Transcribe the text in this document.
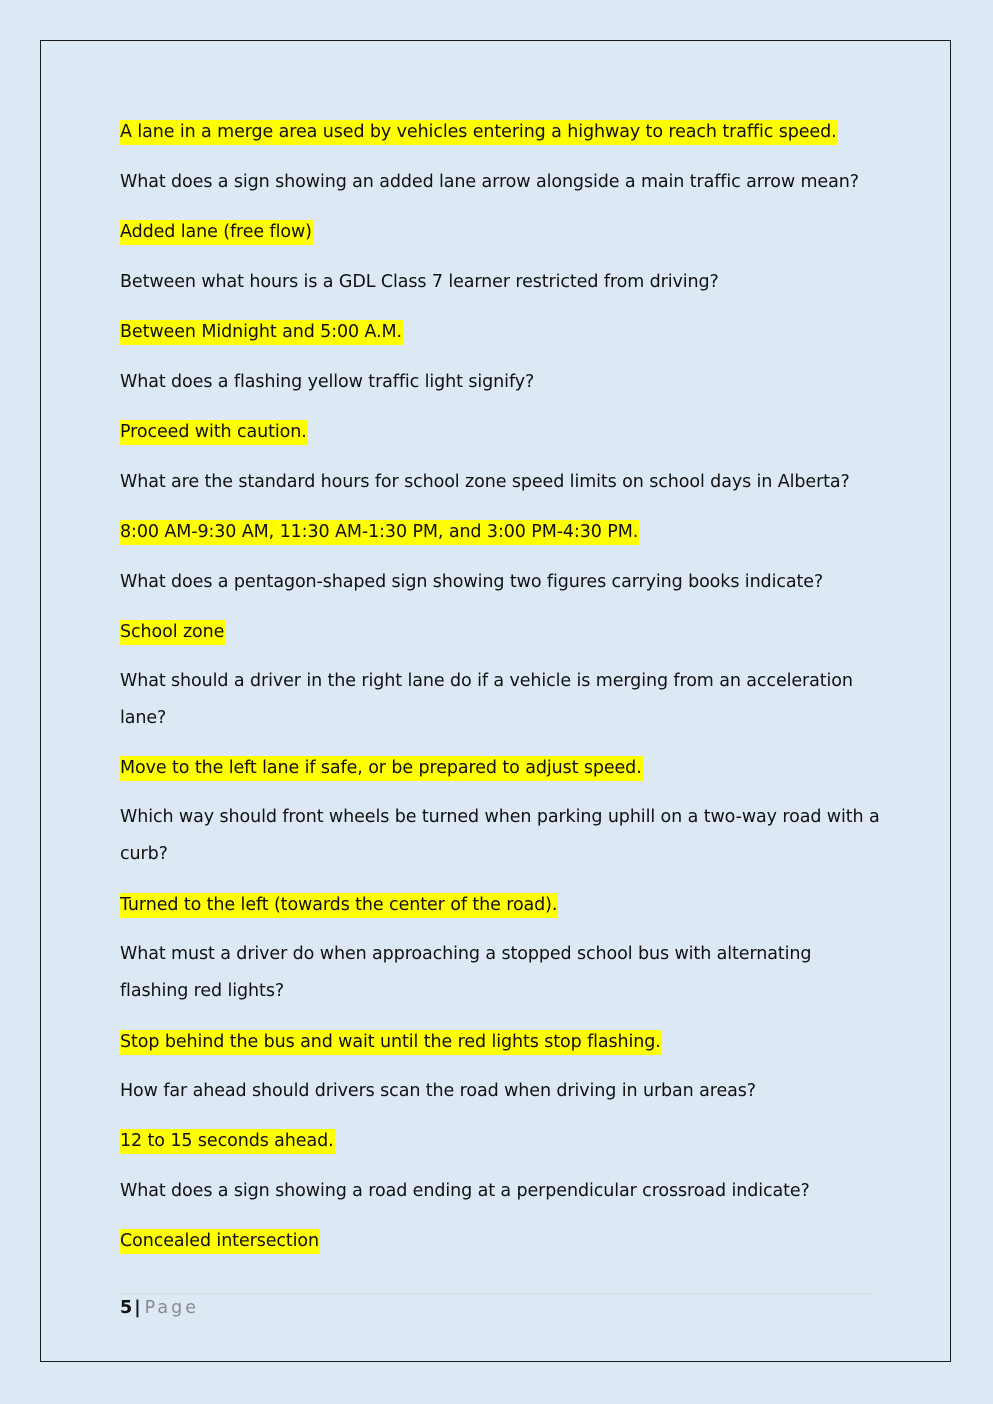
A lane in a merge area used by vehicles entering a highway to reach traffic speed.
What does a sign showing an added lane arrow alongside a main traffic arrow mean?
Added lane (free flow)
Between what hours is a GDL Class 7 learner restricted from driving?
Between Midnight and 5:00 A.M.
What does a flashing yellow traffic light signify?
Proceed with caution.
What are the standard hours for school zone speed limits on school days in Alberta?
8:00 AM-9:30 AM, 11:30 AM-1:30 PM, and 3:00 PM-4:30 PM.
What does a pentagon-shaped sign showing two figures carrying books indicate?
School zone
What should a driver in the right lane do if a vehicle is merging from an acceleration lane?
Move to the left lane if safe, or be prepared to adjust speed.
Which way should front wheels be turned when parking uphill on a two-way road with a curb?
Turned to the left (towards the center of the road).
What must a driver do when approaching a stopped school bus with alternating flashing red lights?
Stop behind the bus and wait until the red lights stop flashing.
How far ahead should drivers scan the road when driving in urban areas?
12 to 15 seconds ahead.
What does a sign showing a road ending at a perpendicular crossroad indicate?
Concealed intersection
5 | Page
